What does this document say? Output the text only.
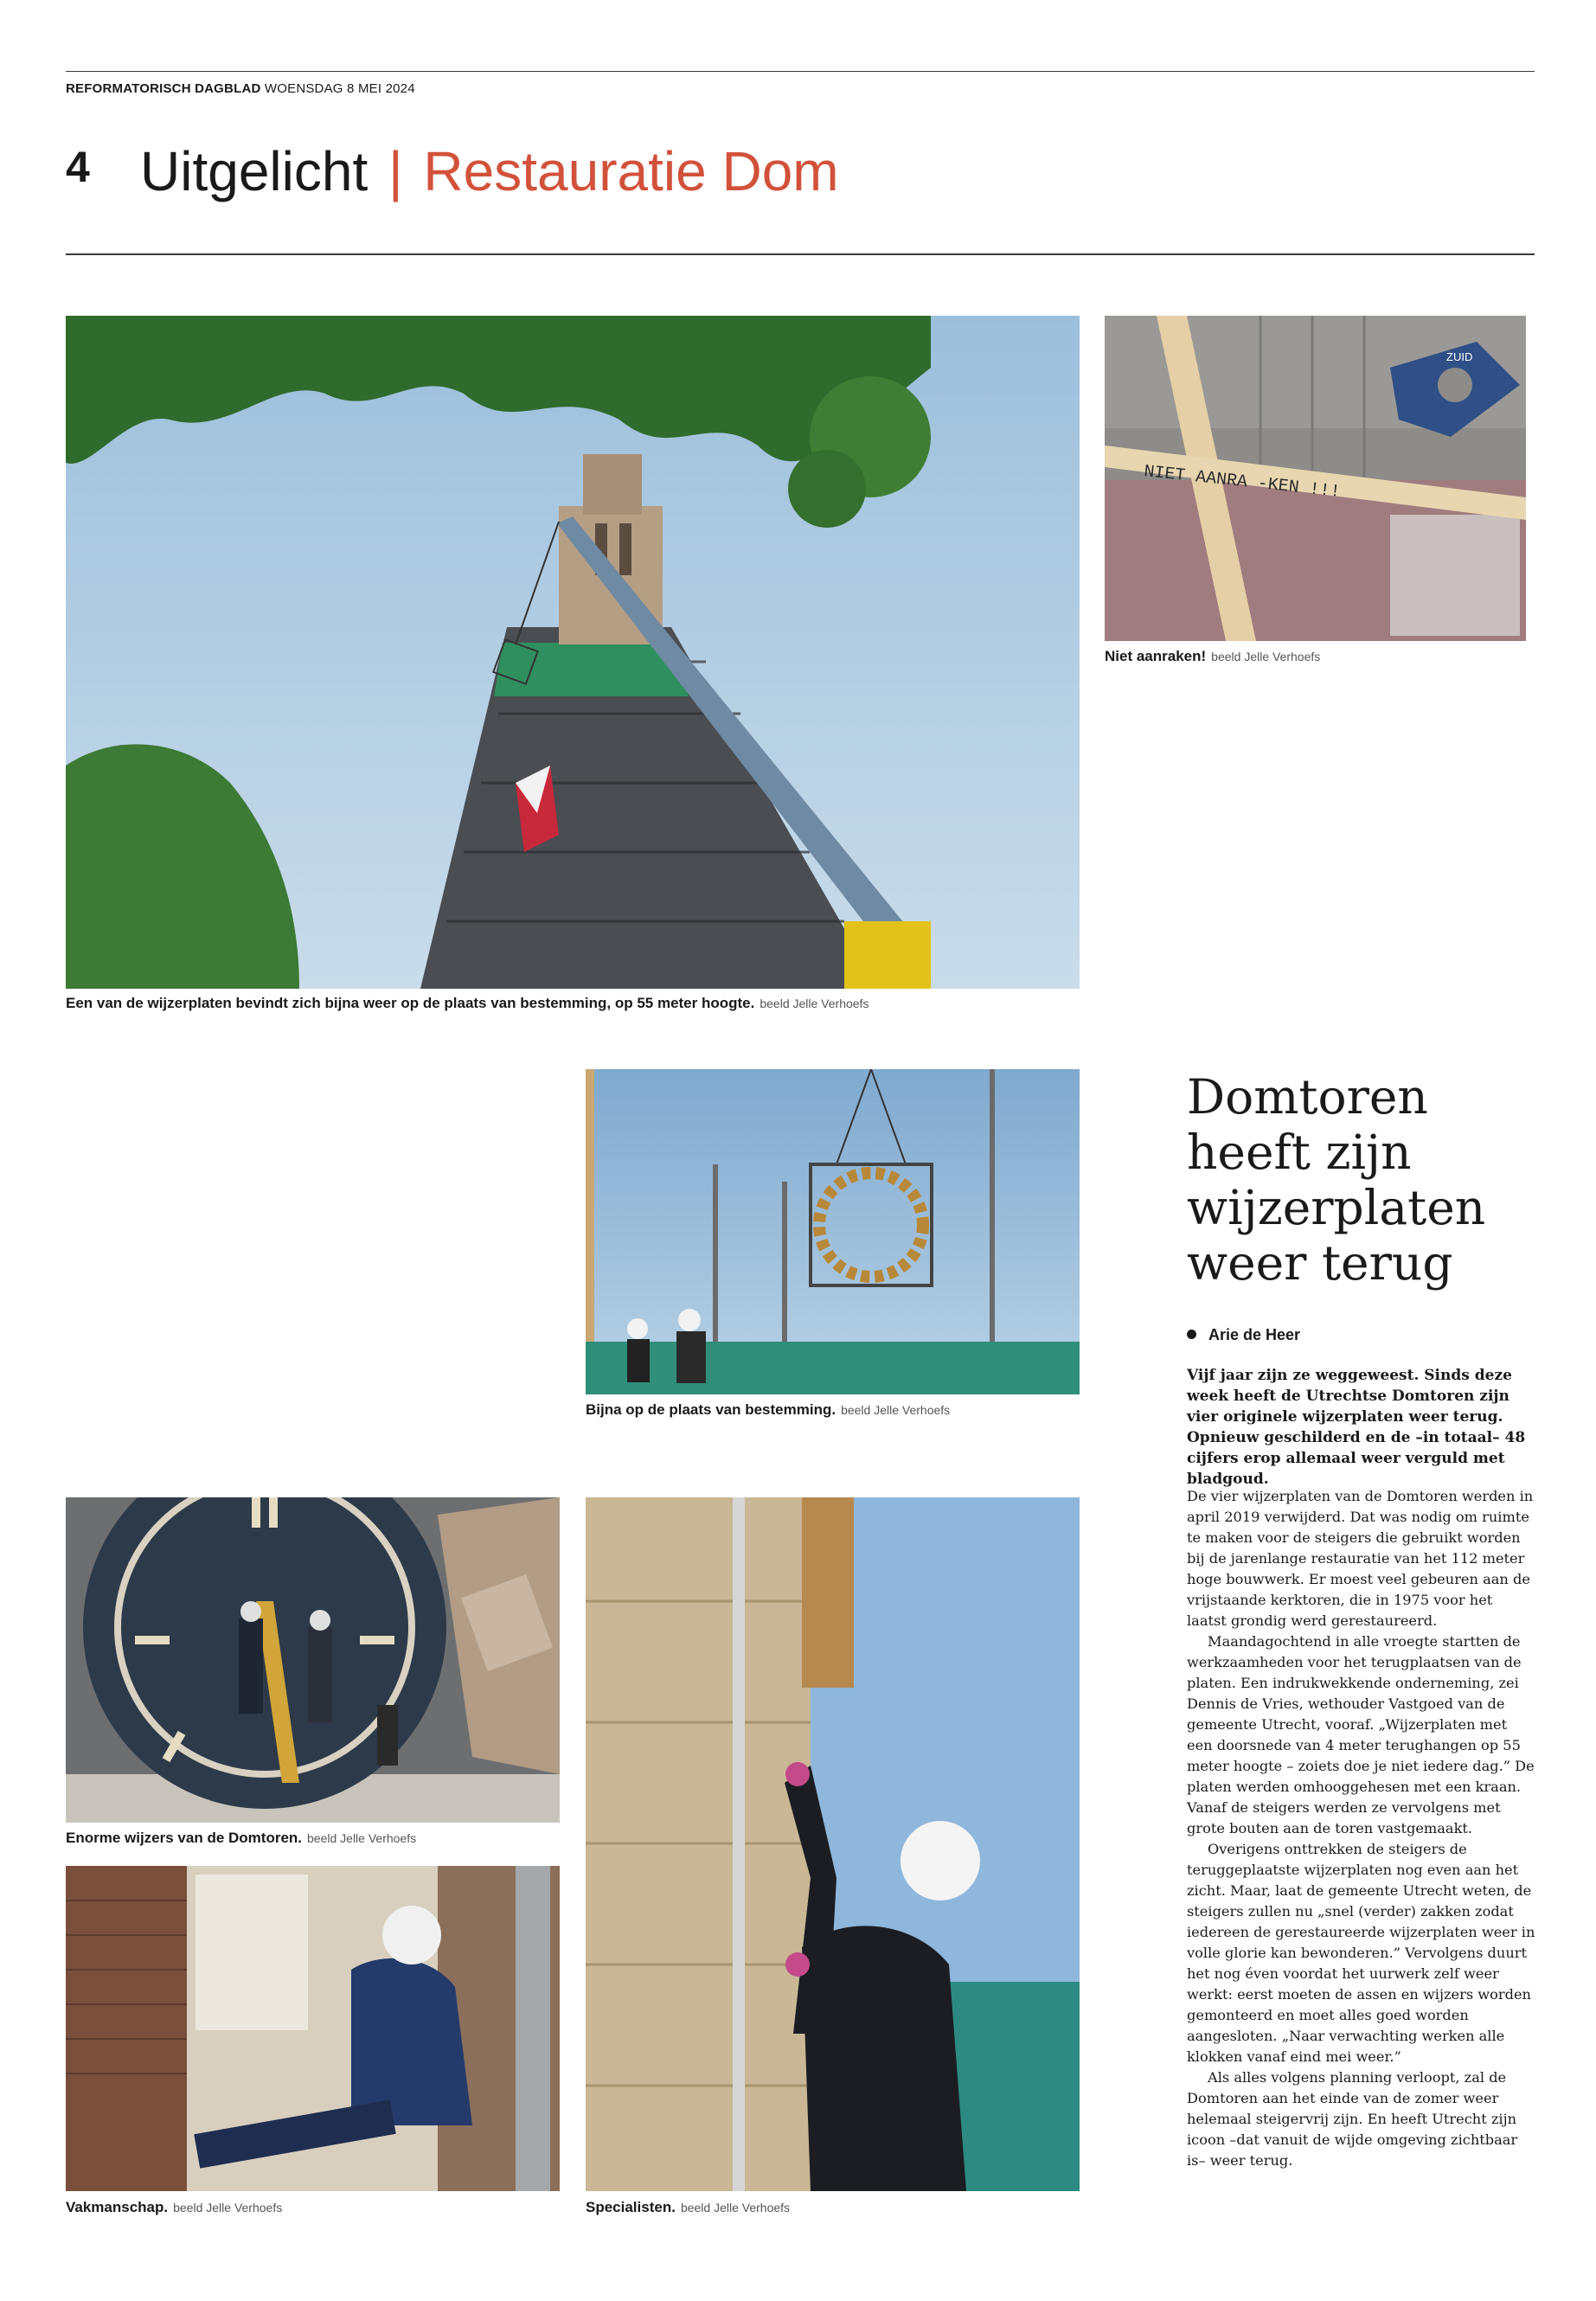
REFORMATORISCH DAGBLAD WOENSDAG 8 MEI 2024
4 Uitgelicht | Restauratie Dom
Een van de wijzerplaten bevindt zich bijna weer op de plaats van bestemming, op 55 meter hoogte. beeld Jelle Verhoefs
ZUID
NIET AANRA -KEN !!!
Niet aanraken! beeld Jelle Verhoefs
Bijna op de plaats van bestemming. beeld Jelle Verhoefs
Enorme wijzers van de Domtoren. beeld Jelle Verhoefs
Vakmanschap. beeld Jelle Verhoefs	Specialisten. beeld Jelle Verhoefs
Domtoren heeft zijn wijzerplaten weer terug
Arie de Heer
Vijf jaar zijn ze weggeweest. Sinds deze week heeft de Utrechtse Domtoren zijn vier originele wijzerplaten weer terug. Opnieuw geschilderd en de –in totaal– 48 cijfers erop allemaal weer verguld met bladgoud.

De vier wijzerplaten van de Domtoren werden in april 2019 verwijderd. Dat was nodig om ruimte te maken voor de steigers die gebruikt worden bij de jarenlange restauratie van het 112 meter hoge bouwwerk. Er moest veel gebeuren aan de vrijstaande kerktoren, die in 1975 voor het laatst grondig werd gerestaureerd.

Maandagochtend in alle vroegte startten de werkzaamheden voor het terugplaatsen van de platen. Een indrukwekkende onderneming, zei Dennis de Vries, wethouder Vastgoed van de gemeente Utrecht, vooraf. „Wijzerplaten met een doorsnede van 4 meter terughangen op 55 meter hoogte – zoiets doe je niet iedere dag.” De platen werden omhooggehesen met een kraan. Vanaf de steigers werden ze vervolgens met grote bouten aan de toren vastgemaakt.

Overigens onttrekken de steigers de teruggeplaatste wijzerplaten nog even aan het zicht. Maar, laat de gemeente Utrecht weten, de steigers zullen nu „snel (verder) zakken zodat iedereen de gerestaureerde wijzerplaten weer in volle glorie kan bewonderen.” Vervolgens duurt het nog éven voordat het uurwerk zelf weer werkt: eerst moeten de assen en wijzers worden gemonteerd en moet alles goed worden aangesloten. „Naar verwachting werken alle klokken vanaf eind mei weer.”

Als alles volgens planning verloopt, zal de Domtoren aan het einde van de zomer weer helemaal steigervrij zijn. En heeft Utrecht zijn icoon –dat vanuit de wijde omgeving zichtbaar is– weer terug.
